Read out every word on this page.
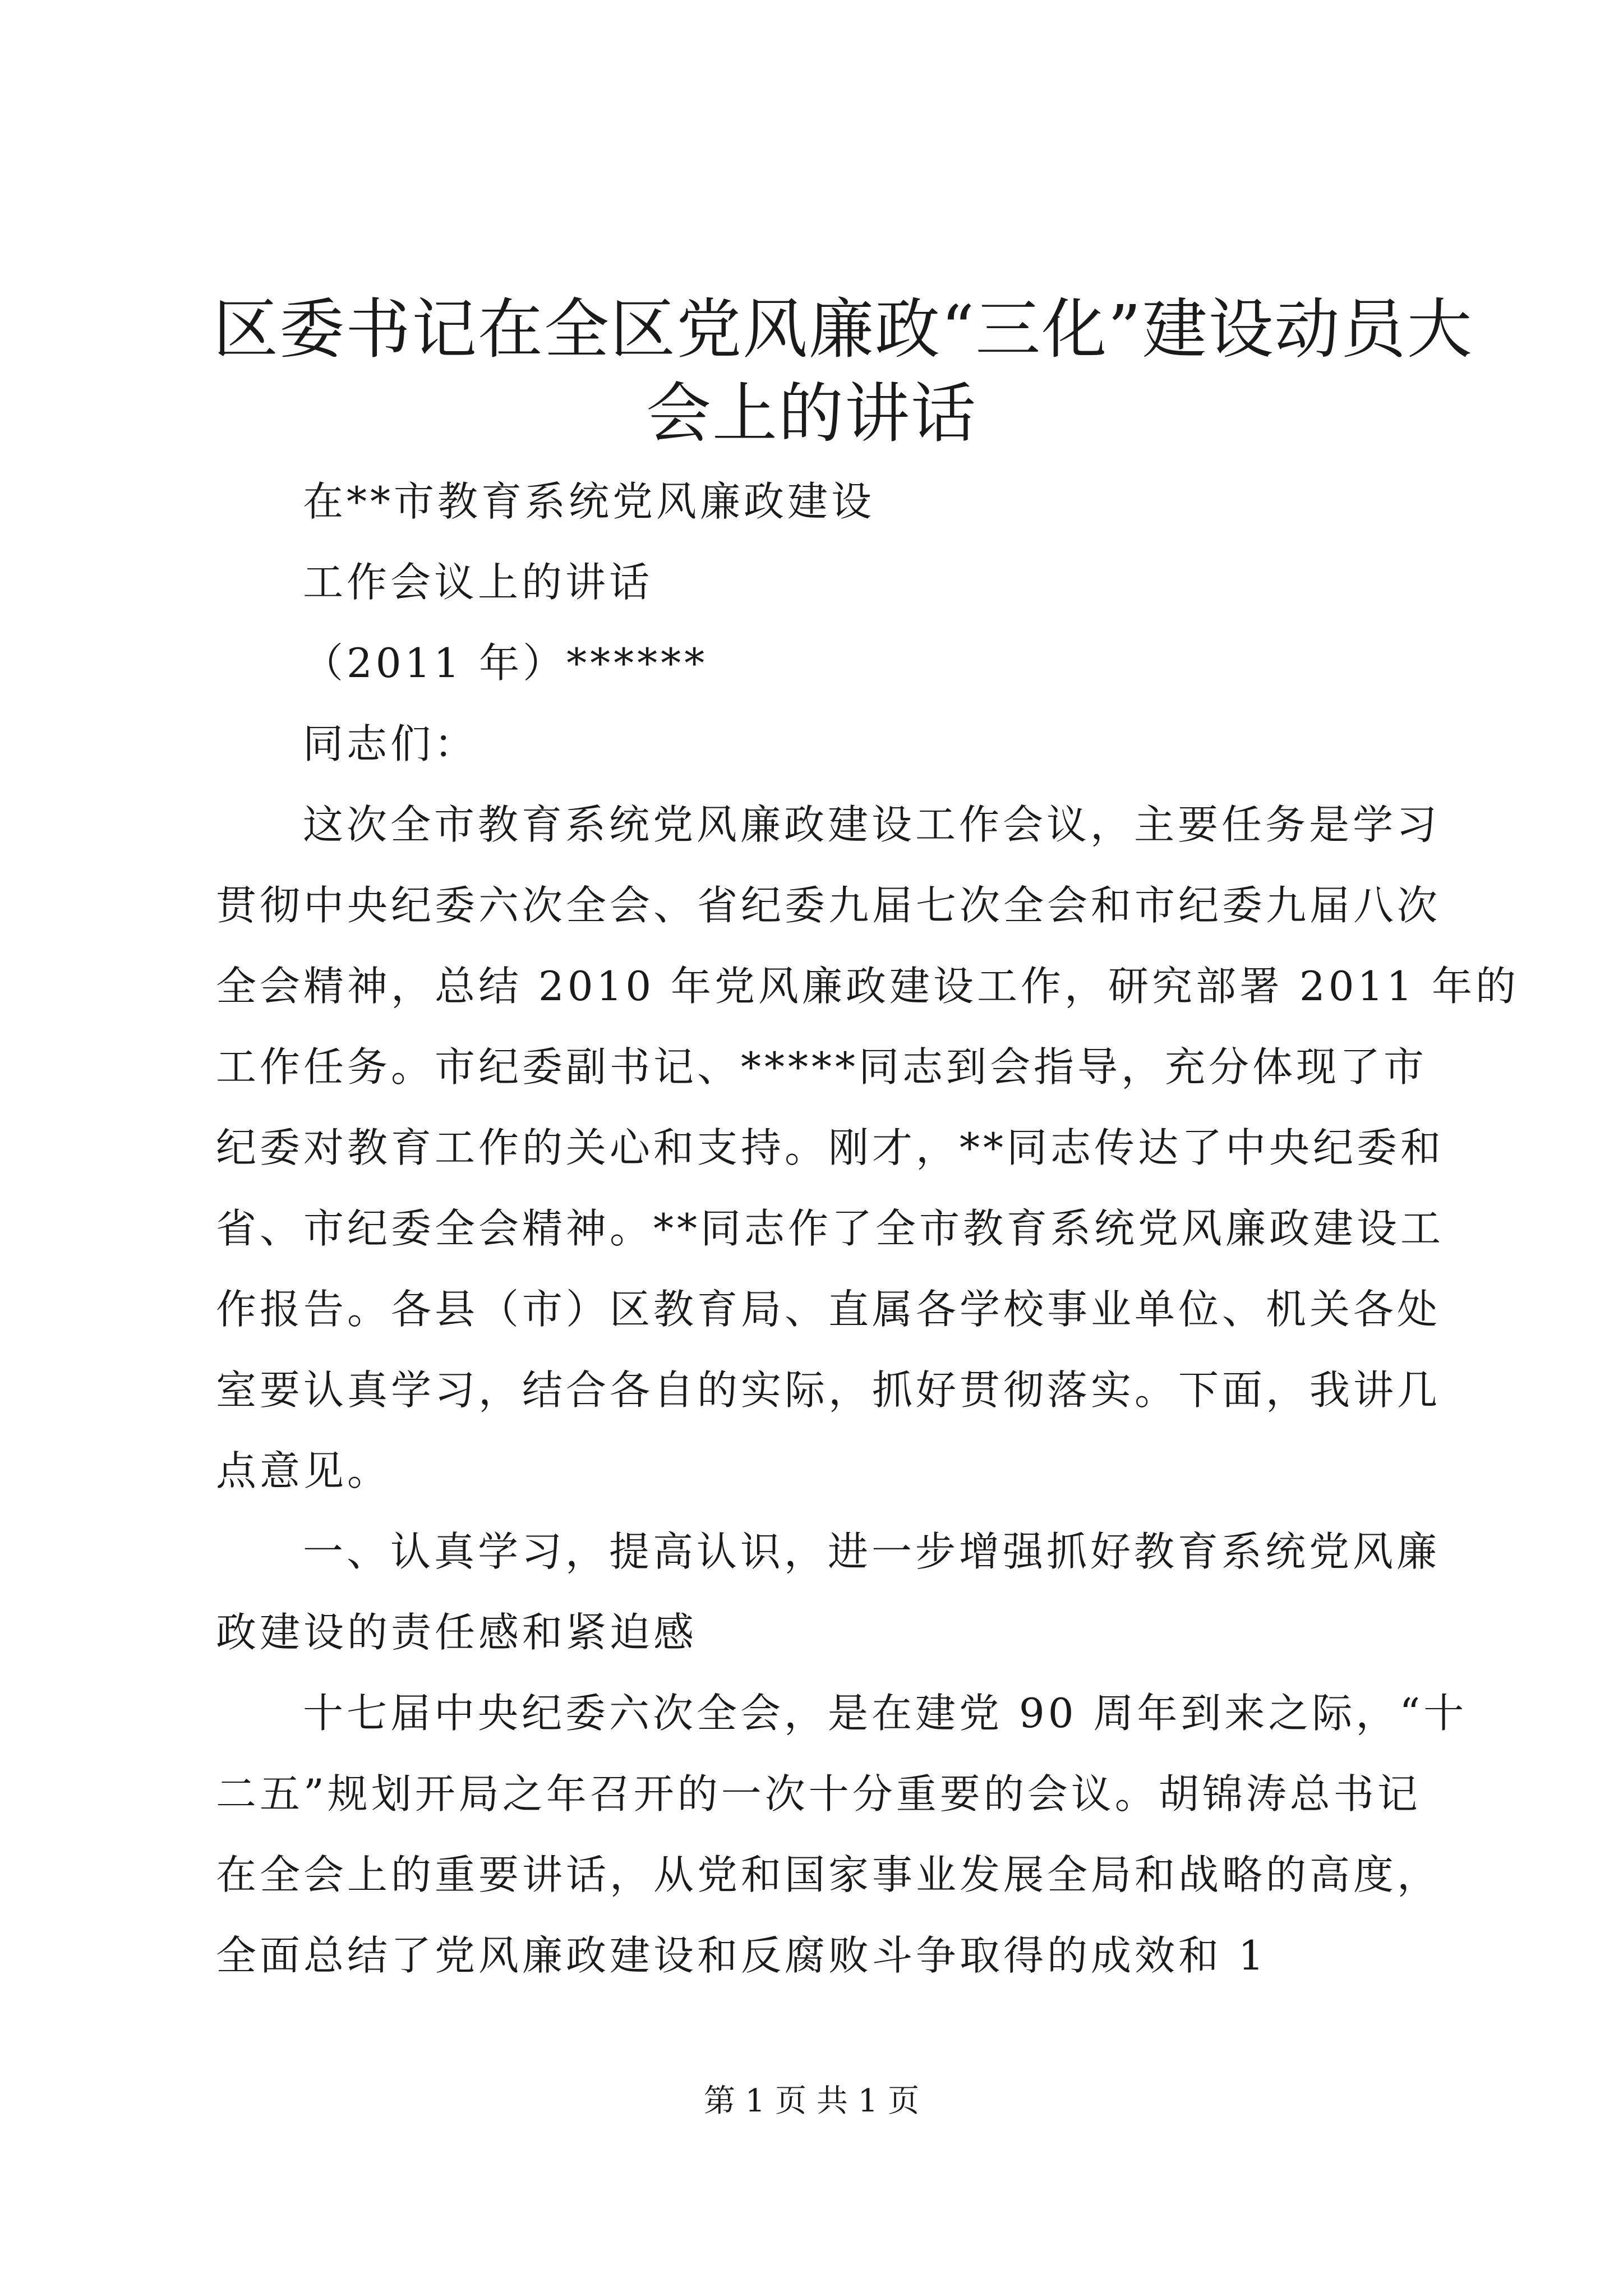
区委书记在全区党风廉政“三化”建设动员大
会上的讲话
在**市教育系统党风廉政建设
工作会议上的讲话
（2011 年）******
同志们：
这次全市教育系统党风廉政建设工作会议，主要任务是学习
贯彻中央纪委六次全会、省纪委九届七次全会和市纪委九届八次
全会精神，总结 2010 年党风廉政建设工作，研究部署 2011 年的
工作任务。市纪委副书记、*****同志到会指导，充分体现了市
纪委对教育工作的关心和支持。刚才，**同志传达了中央纪委和
省、市纪委全会精神。**同志作了全市教育系统党风廉政建设工
作报告。各县（市）区教育局、直属各学校事业单位、机关各处
室要认真学习，结合各自的实际，抓好贯彻落实。下面，我讲几
点意见。
一、认真学习，提高认识，进一步增强抓好教育系统党风廉
政建设的责任感和紧迫感
十七届中央纪委六次全会，是在建党 90 周年到来之际，“十
二五”规划开局之年召开的一次十分重要的会议。胡锦涛总书记
在全会上的重要讲话，从党和国家事业发展全局和战略的高度，
全面总结了党风廉政建设和反腐败斗争取得的成效和 1
第 1 页 共 1 页
